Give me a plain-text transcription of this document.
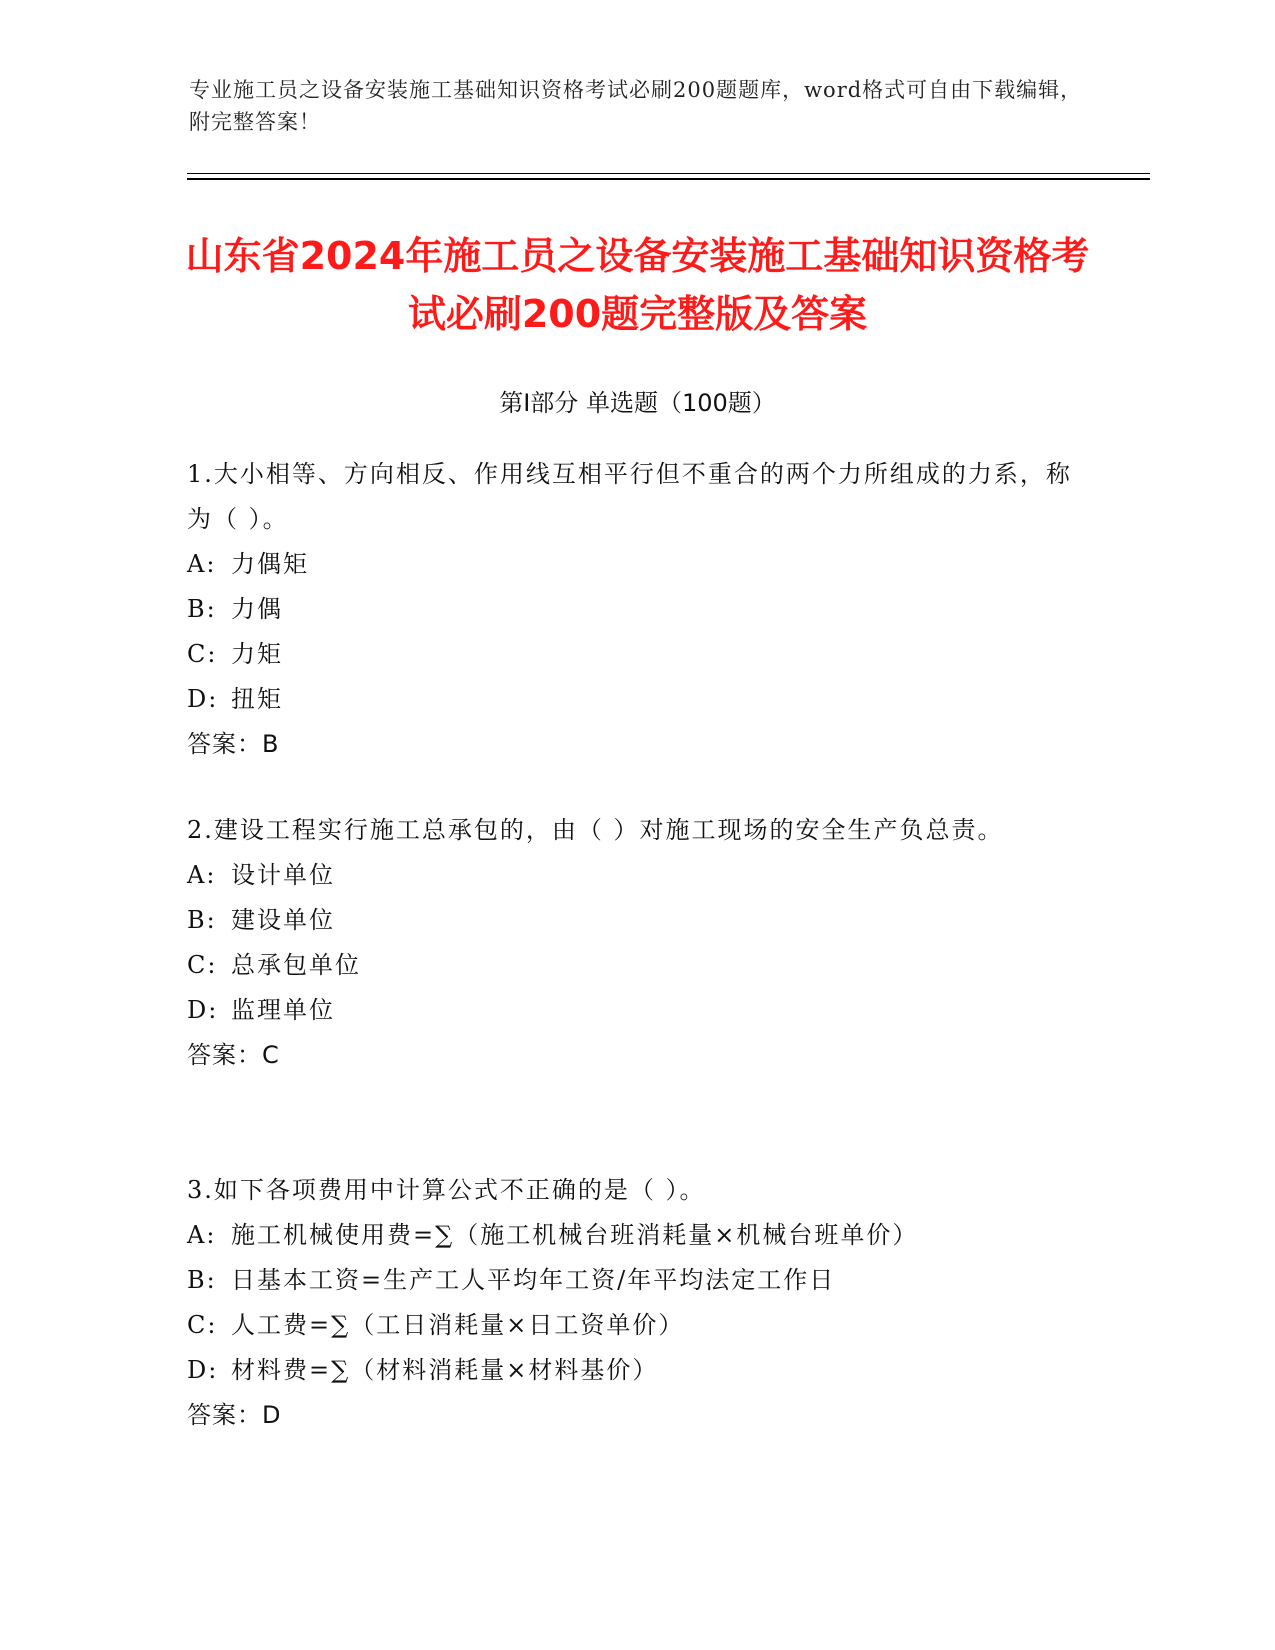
专业施工员之设备安装施工基础知识资格考试必刷200题题库，word格式可自由下载编辑，附完整答案！
山东省2024年施工员之设备安装施工基础知识资格考试必刷200题完整版及答案
第Ⅰ部分 单选题（100题）

1.大小相等、方向相反、作用线互相平行但不重合的两个力所组成的力系，称为（ ）。

A: 力偶矩

B: 力偶

C: 力矩

D: 扭矩

答案：B

2.建设工程实行施工总承包的，由（ ）对施工现场的安全生产负总责。

A: 设计单位

B: 建设单位

C: 总承包单位

D: 监理单位

答案：C

3.如下各项费用中计算公式不正确的是（ ）。

A: 施工机械使用费=∑（施工机械台班消耗量×机械台班单价）

B: 日基本工资=生产工人平均年工资/年平均法定工作日

C: 人工费=∑（工日消耗量×日工资单价）

D: 材料费=∑（材料消耗量×材料基价）

答案：D
